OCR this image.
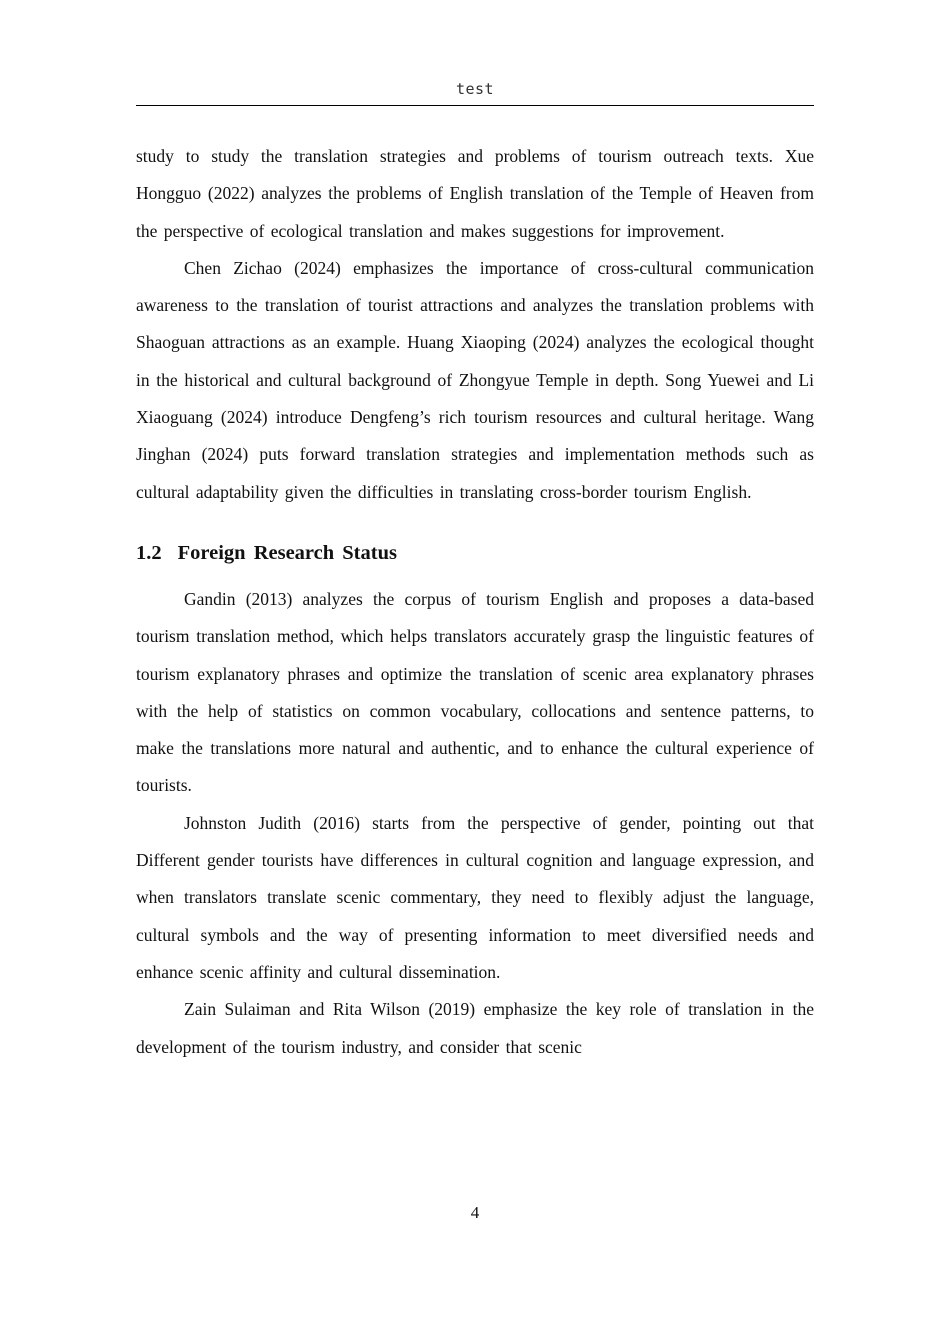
test

study to study the translation strategies and problems of tourism outreach texts. Xue Hongguo (2022) analyzes the problems of English translation of the Temple of Heaven from the perspective of ecological translation and makes suggestions for improvement.

Chen Zichao (2024) emphasizes the importance of cross-cultural communication awareness to the translation of tourist attractions and analyzes the translation problems with Shaoguan attractions as an example. Huang Xiaoping (2024) analyzes the ecological thought in the historical and cultural background of Zhongyue Temple in depth. Song Yuewei and Li Xiaoguang (2024) introduce Dengfeng’s rich tourism resources and cultural heritage. Wang Jinghan (2024) puts forward translation strategies and implementation methods such as cultural adaptability given the difficulties in translating cross-border tourism English.

1.2 Foreign Research Status

Gandin (2013) analyzes the corpus of tourism English and proposes a data-based tourism translation method, which helps translators accurately grasp the linguistic features of tourism explanatory phrases and optimize the translation of scenic area explanatory phrases with the help of statistics on common vocabulary, collocations and sentence patterns, to make the translations more natural and authentic, and to enhance the cultural experience of tourists.

Johnston Judith (2016) starts from the perspective of gender, pointing out that Different gender tourists have differences in cultural cognition and language expression, and when translators translate scenic commentary, they need to flexibly adjust the language, cultural symbols and the way of presenting information to meet diversified needs and enhance scenic affinity and cultural dissemination.

Zain Sulaiman and Rita Wilson (2019) emphasize the key role of translation in the development of the tourism industry, and consider that scenic

4
